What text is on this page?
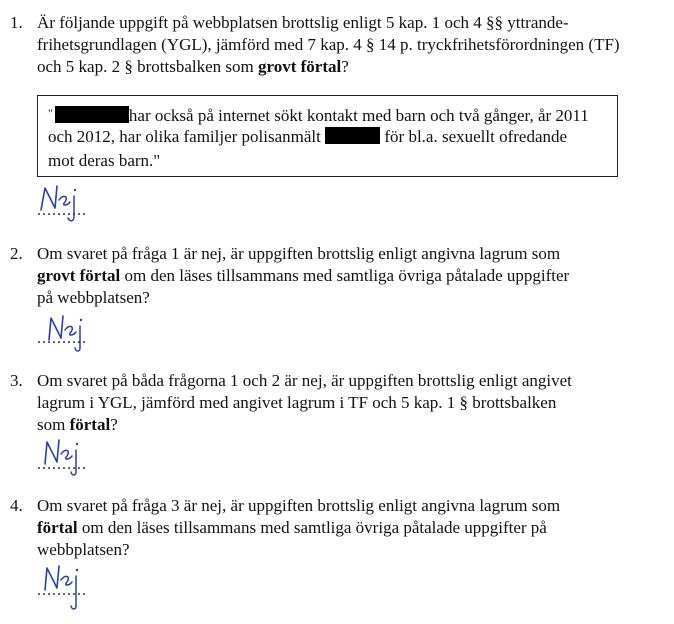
1. Är följande uppgift på webbplatsen brottslig enligt 5 kap. 1 och 4 §§ yttrande-
frihetsgrundlagen (YGL), jämförd med 7 kap. 4 § 14 p. tryckfrihetsförordningen (TF)
och 5 kap. 2 § brottsbalken som grovt förtal?
"	har också på internet sökt kontakt med barn och två gånger, år 2011
och 2012, har olika familjer polisanmält	för bl.a. sexuellt ofredande
mot deras barn."
..........
2. Om svaret på fråga 1 är nej, är uppgiften brottslig enligt angivna lagrum som
grovt förtal om den läses tillsammans med samtliga övriga påtalade uppgifter
på webbplatsen?
..........
3. Om svaret på båda frågorna 1 och 2 är nej, är uppgiften brottslig enligt angivet
lagrum i YGL, jämförd med angivet lagrum i TF och 5 kap. 1 § brottsbalken
som förtal?
..........
4. Om svaret på fråga 3 är nej, är uppgiften brottslig enligt angivna lagrum som
förtal om den läses tillsammans med samtliga övriga påtalade uppgifter på
webbplatsen?
..........
